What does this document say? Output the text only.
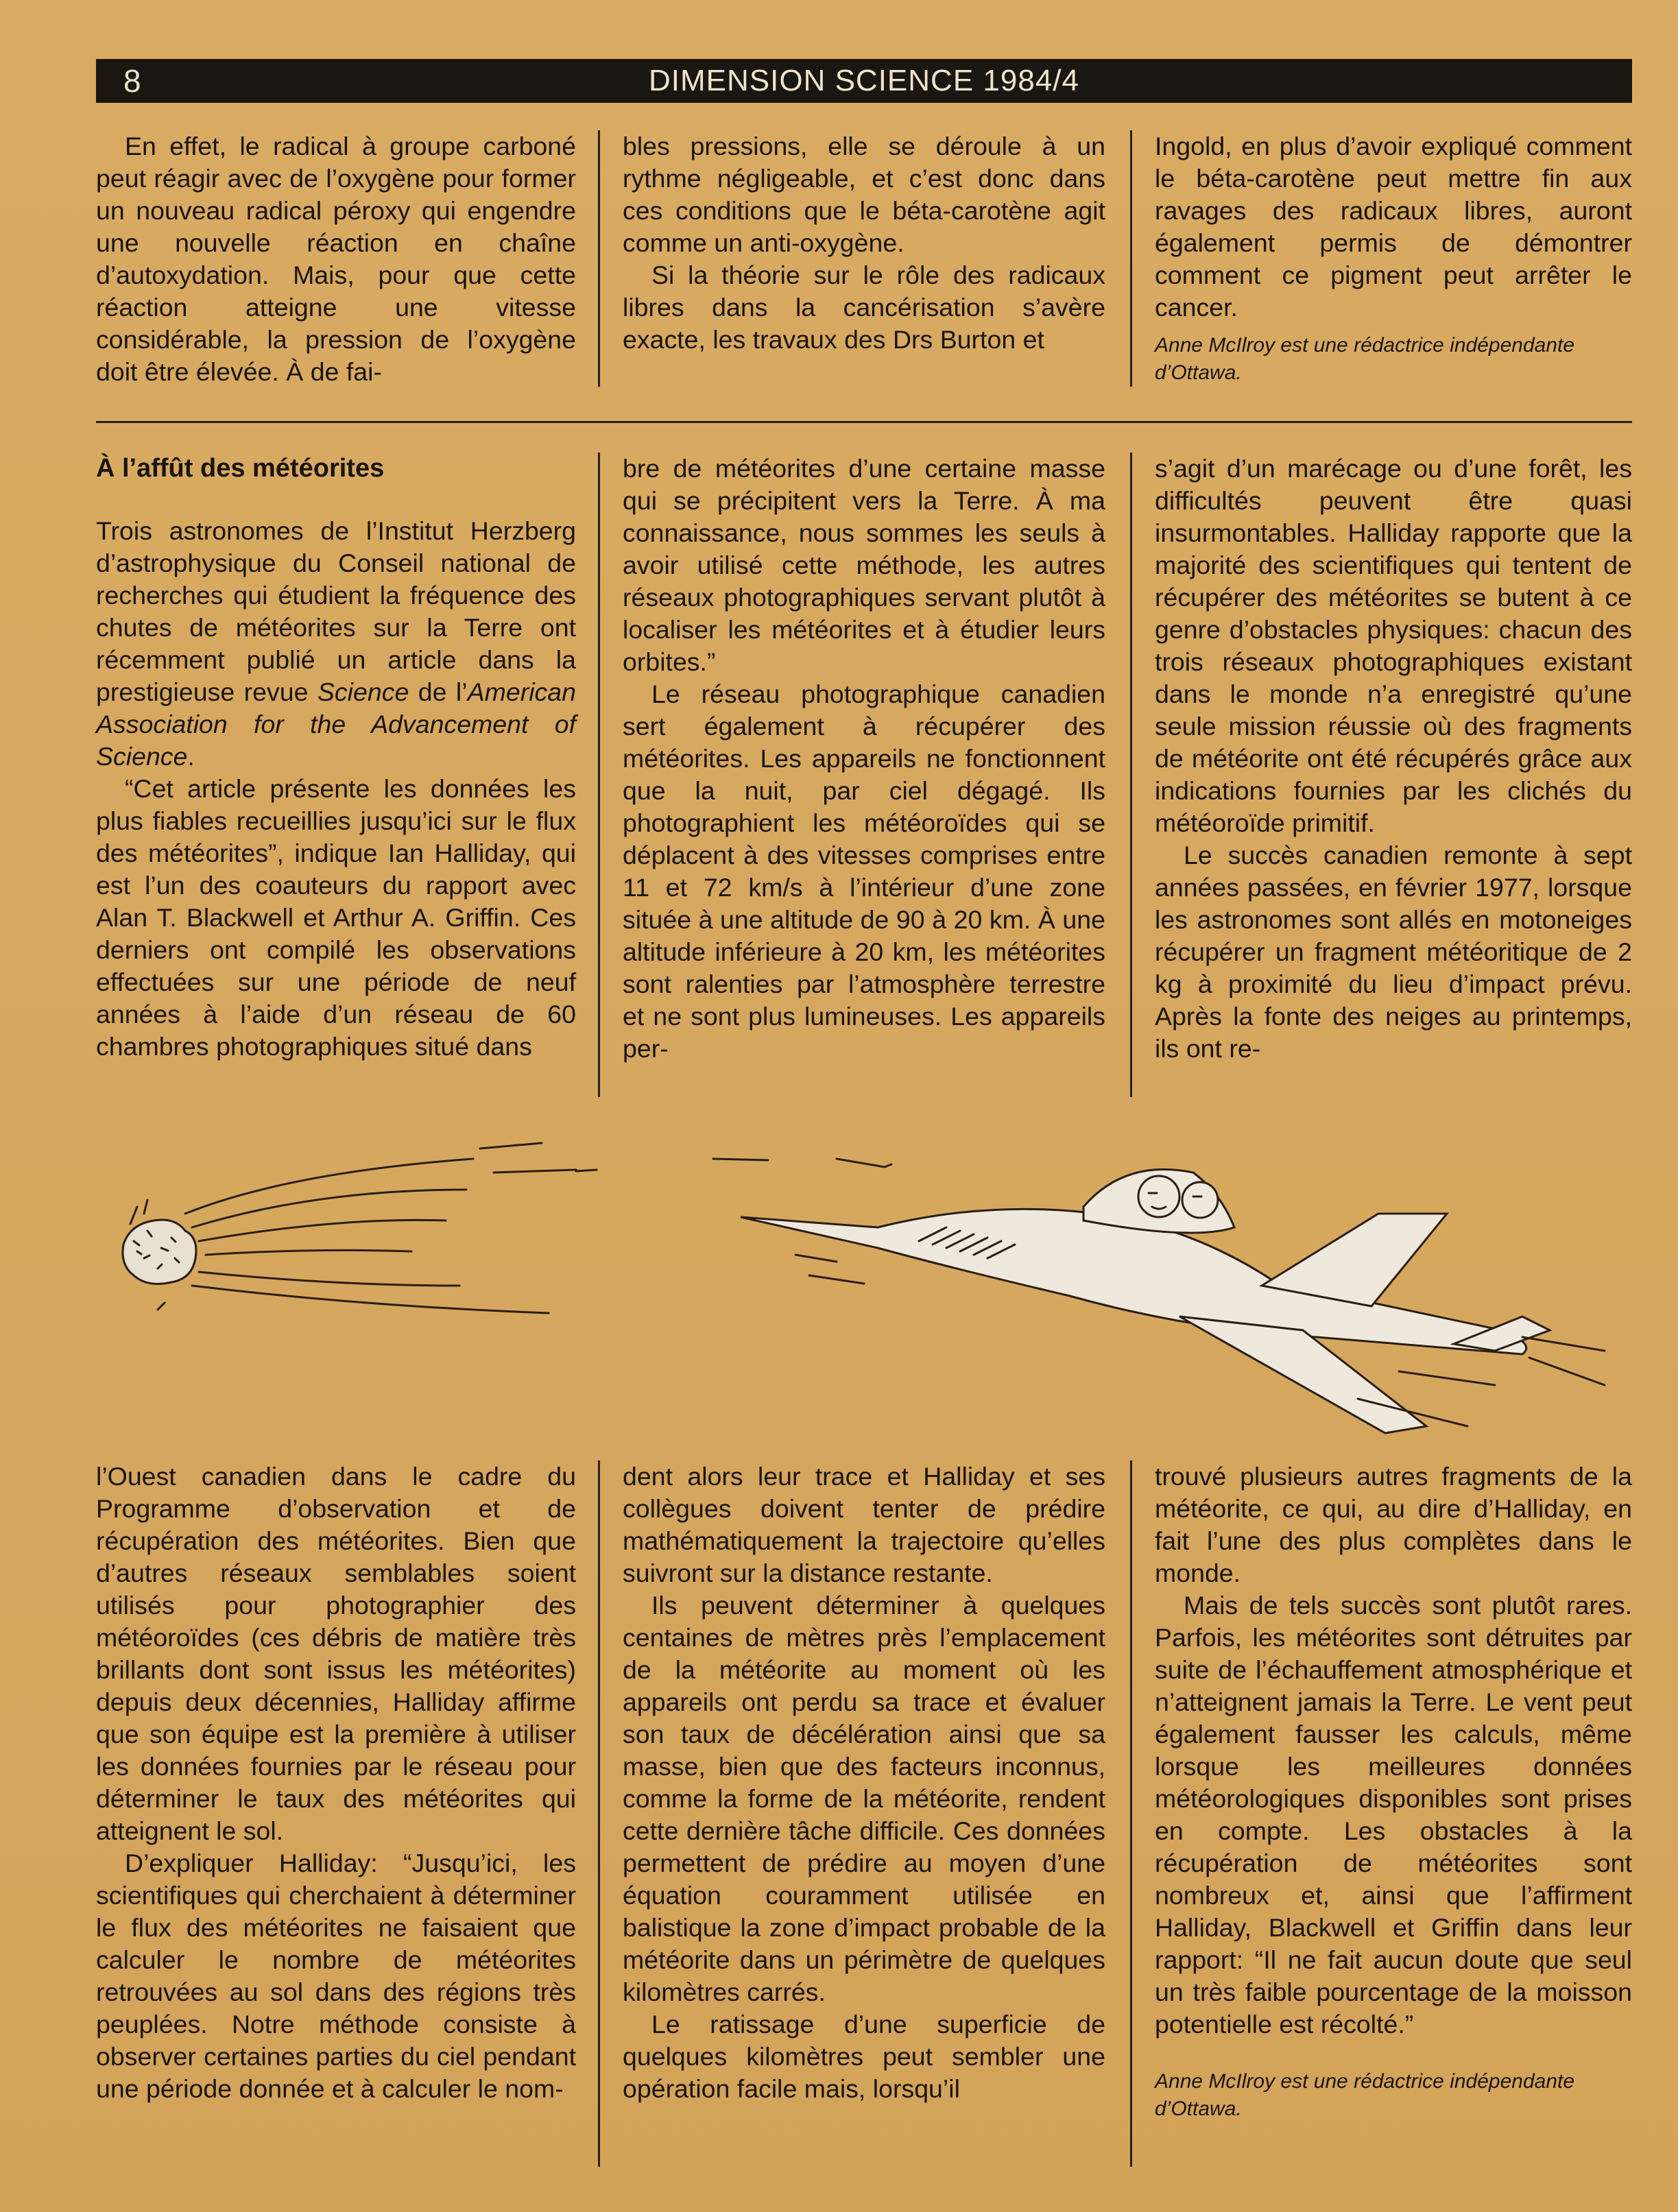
8	DIMENSION SCIENCE 1984/4

En effet, le radical à groupe carboné peut réagir avec de l’oxygène pour former un nouveau radical péroxy qui engendre une nouvelle réaction en chaîne d’autoxydation. Mais, pour que cette réaction atteigne une vitesse considérable, la pression de l’oxygène doit être élevée. À de fai-

bles pressions, elle se déroule à un rythme négligeable, et c’est donc dans ces conditions que le béta-carotène agit comme un anti-oxygène.

Si la théorie sur le rôle des radicaux libres dans la cancérisation s’avère exacte, les travaux des Drs Burton et

Ingold, en plus d’avoir expliqué comment le béta-carotène peut mettre fin aux ravages des radicaux libres, auront également permis de démontrer comment ce pigment peut arrêter le cancer.

Anne McIlroy est une rédactrice indépendante d’Ottawa.

À l’affût des météorites

Trois astronomes de l’Institut Herzberg d’astrophysique du Conseil national de recherches qui étudient la fréquence des chutes de météorites sur la Terre ont récemment publié un article dans la prestigieuse revue Science de l’American Association for the Advancement of Science.

“Cet article présente les données les plus fiables recueillies jusqu’ici sur le flux des météorites”, indique Ian Halliday, qui est l’un des coauteurs du rapport avec Alan T. Blackwell et Arthur A. Griffin. Ces derniers ont compilé les observations effectuées sur une période de neuf années à l’aide d’un réseau de 60 chambres photographiques situé dans

bre de météorites d’une certaine masse qui se précipitent vers la Terre. À ma connaissance, nous sommes les seuls à avoir utilisé cette méthode, les autres réseaux photographiques servant plutôt à localiser les météorites et à étudier leurs orbites.”

Le réseau photographique canadien sert également à récupérer des météorites. Les appareils ne fonctionnent que la nuit, par ciel dégagé. Ils photographient les météoroïdes qui se déplacent à des vitesses comprises entre 11 et 72 km/s à l’intérieur d’une zone située à une altitude de 90 à 20 km. À une altitude inférieure à 20 km, les météorites sont ralenties par l’atmosphère terrestre et ne sont plus lumineuses. Les appareils per-

s’agit d’un marécage ou d’une forêt, les difficultés peuvent être quasi insurmontables. Halliday rapporte que la majorité des scientifiques qui tentent de récupérer des météorites se butent à ce genre d’obstacles physiques: chacun des trois réseaux photographiques existant dans le monde n’a enregistré qu’une seule mission réussie où des fragments de météorite ont été récupérés grâce aux indications fournies par les clichés du météoroïde primitif.

Le succès canadien remonte à sept années passées, en février 1977, lorsque les astronomes sont allés en motoneiges récupérer un fragment météoritique de 2 kg à proximité du lieu d’impact prévu. Après la fonte des neiges au printemps, ils ont re-

l’Ouest canadien dans le cadre du Programme d’observation et de récupération des météorites. Bien que d’autres réseaux semblables soient utilisés pour photographier des météoroïdes (ces débris de matière très brillants dont sont issus les météorites) depuis deux décennies, Halliday affirme que son équipe est la première à utiliser les données fournies par le réseau pour déterminer le taux des météorites qui atteignent le sol.

D’expliquer Halliday: “Jusqu’ici, les scientifiques qui cherchaient à déterminer le flux des météorites ne faisaient que calculer le nombre de météorites retrouvées au sol dans des régions très peuplées. Notre méthode consiste à observer certaines parties du ciel pendant une période donnée et à calculer le nom-

dent alors leur trace et Halliday et ses collègues doivent tenter de prédire mathématiquement la trajectoire qu’elles suivront sur la distance restante.

Ils peuvent déterminer à quelques centaines de mètres près l’emplacement de la météorite au moment où les appareils ont perdu sa trace et évaluer son taux de décélération ainsi que sa masse, bien que des facteurs inconnus, comme la forme de la météorite, rendent cette dernière tâche difficile. Ces données permettent de prédire au moyen d’une équation couramment utilisée en balistique la zone d’impact probable de la météorite dans un périmètre de quelques kilomètres carrés.

Le ratissage d’une superficie de quelques kilomètres peut sembler une opération facile mais, lorsqu’il

trouvé plusieurs autres fragments de la météorite, ce qui, au dire d’Halliday, en fait l’une des plus complètes dans le monde.

Mais de tels succès sont plutôt rares. Parfois, les météorites sont détruites par suite de l’échauffement atmosphérique et n’atteignent jamais la Terre. Le vent peut également fausser les calculs, même lorsque les meilleures données météorologiques disponibles sont prises en compte. Les obstacles à la récupération de météorites sont nombreux et, ainsi que l’affirment Halliday, Blackwell et Griffin dans leur rapport: “Il ne fait aucun doute que seul un très faible pourcentage de la moisson potentielle est récolté.”

Anne McIlroy est une rédactrice indépendante d’Ottawa.
